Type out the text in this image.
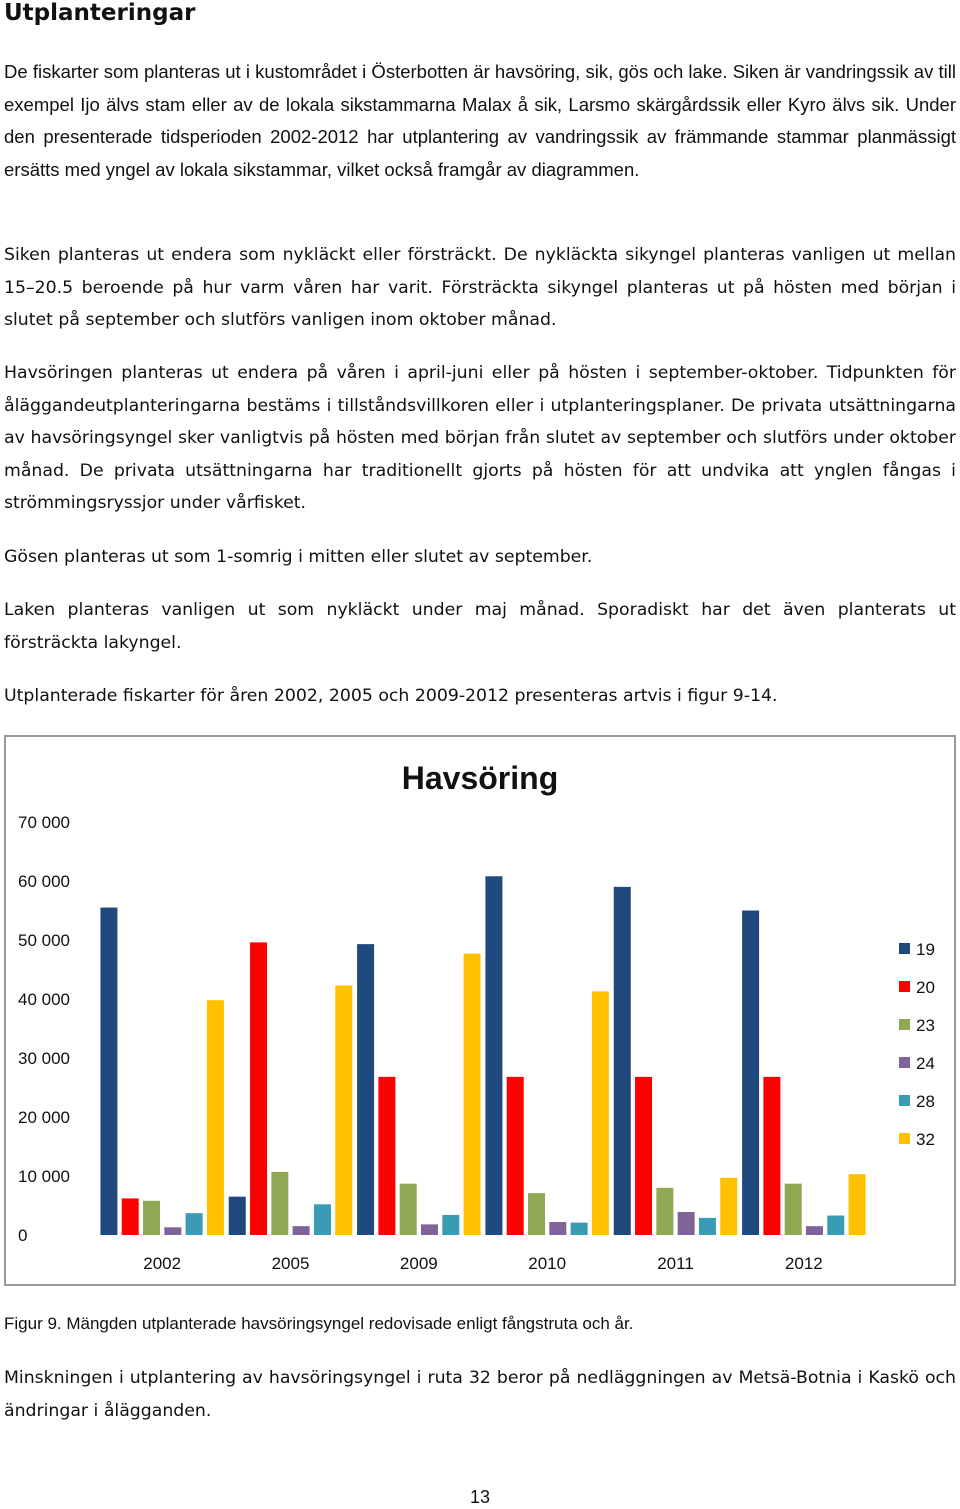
Utplanteringar

De fiskarter som planteras ut i kustområdet i Österbotten är havsöring, sik, gös och lake. Siken är vandringssik av till exempel Ijo älvs stam eller av de lokala sikstammarna Malax å sik, Larsmo skärgårdssik eller Kyro älvs sik. Under den presenterade tidsperioden 2002-2012 har utplantering av vandringssik av främmande stammar planmässigt ersätts med yngel av lokala sikstammar, vilket också framgår av diagrammen.

Siken planteras ut endera som nykläckt eller försträckt. De nykläckta sikyngel planteras vanligen ut mellan 15–20.5 beroende på hur varm våren har varit. Försträckta sikyngel planteras ut på hösten med början i slutet på september och slutförs vanligen inom oktober månad.

Havsöringen planteras ut endera på våren i april-juni eller på hösten i september-oktober. Tidpunkten för åläggandeutplanteringarna bestäms i tillståndsvillkoren eller i utplanteringsplaner. De privata utsättningarna av havsöringsyngel sker vanligtvis på hösten med början från slutet av september och slutförs under oktober månad. De privata utsättningarna har traditionellt gjorts på hösten för att undvika att ynglen fångas i strömmingsryssjor under vårfisket.

Gösen planteras ut som 1-somrig i mitten eller slutet av september.

Laken planteras vanligen ut som nykläckt under maj månad. Sporadiskt har det även planterats ut försträckta lakyngel.

Utplanterade fiskarter för åren 2002, 2005 och 2009-2012 presenteras artvis i figur 9-14.

Havsöring
0
10 000
20 000
30 000
40 000
50 000
60 000
70 000
2002	2005	2009	2010	2011	2012
19
20
23
24
28
32
Figur 9. Mängden utplanterade havsöringsyngel redovisade enligt fångstruta och år.

Minskningen i utplantering av havsöringsyngel i ruta 32 beror på nedläggningen av Metsä-Botnia i Kaskö och ändringar i ålägganden.

13
